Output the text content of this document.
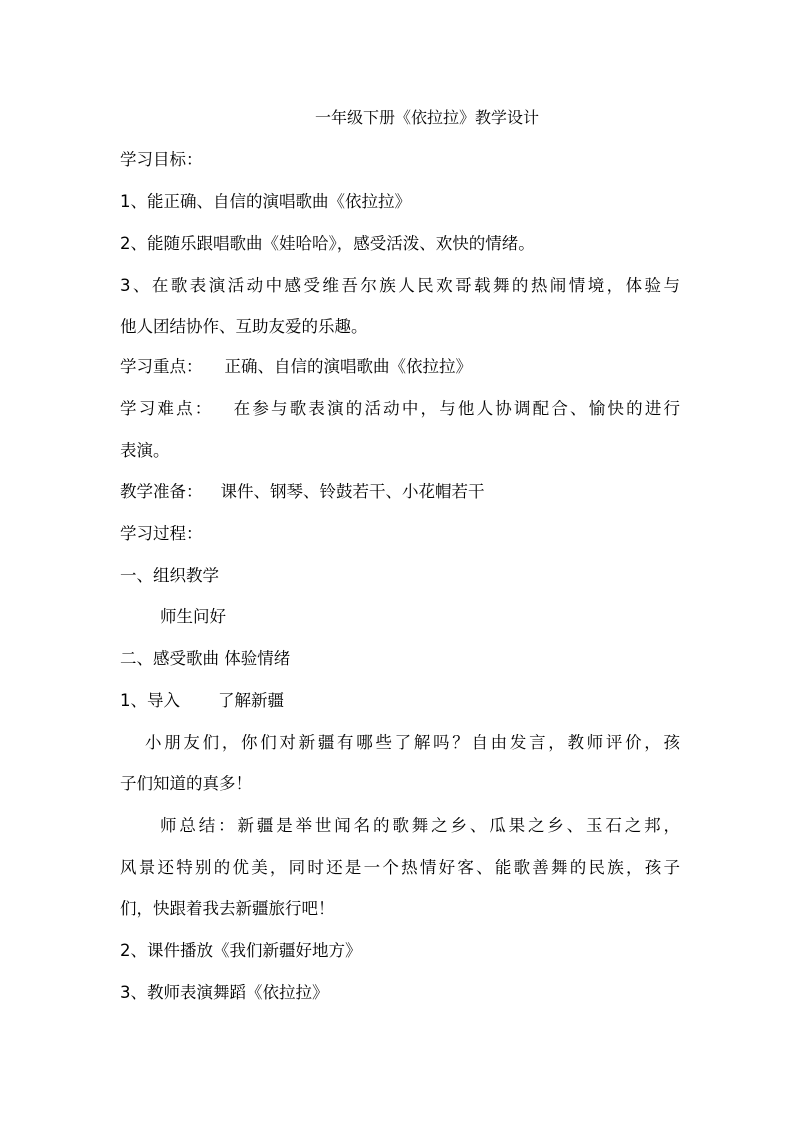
一年级下册《依拉拉》教学设计
学习目标：
1、能正确、自信的演唱歌曲《依拉拉》
2、能随乐跟唱歌曲《娃哈哈》，感受活泼、欢快的情绪。
3、在歌表演活动中感受维吾尔族人民欢哥载舞的热闹情境，体验与
他人团结协作、互助友爱的乐趣。
学习重点： 正确、自信的演唱歌曲《依拉拉》
学习难点： 在参与歌表演的活动中，与他人协调配合、愉快的进行
表演。
教学准备： 课件、钢琴、铃鼓若干、小花帽若干
学习过程：
一、组织教学
师生问好
二、感受歌曲 体验情绪
1、导入 了解新疆
小朋友们，你们对新疆有哪些了解吗？自由发言，教师评价，孩
子们知道的真多！
师总结：新疆是举世闻名的歌舞之乡、瓜果之乡、玉石之邦，
风景还特别的优美，同时还是一个热情好客、能歌善舞的民族，孩子
们，快跟着我去新疆旅行吧！
2、课件播放《我们新疆好地方》
3、教师表演舞蹈《依拉拉》
